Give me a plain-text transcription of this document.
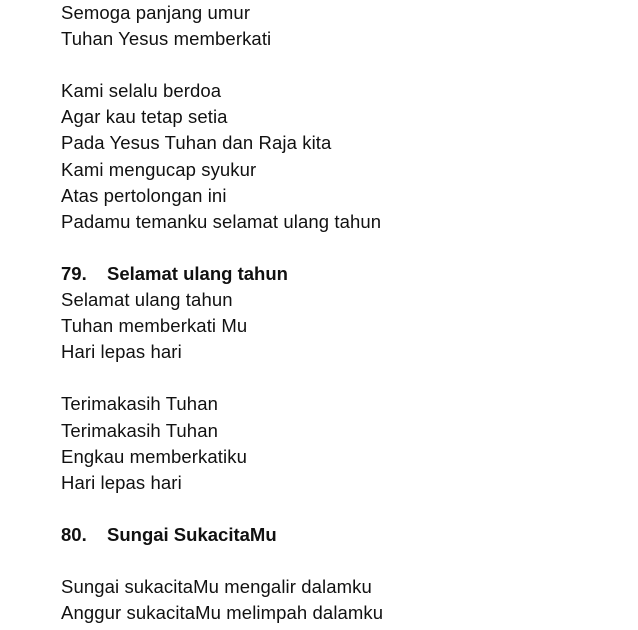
Semoga panjang umur
Tuhan Yesus memberkati
Kami selalu berdoa
Agar kau tetap setia
Pada Yesus Tuhan dan Raja kita
Kami mengucap syukur
Atas pertolongan ini
Padamu temanku selamat ulang tahun
79. Selamat ulang tahun
Selamat ulang tahun
Tuhan memberkati Mu
Hari lepas hari
Terimakasih Tuhan
Terimakasih Tuhan
Engkau memberkatiku
Hari lepas hari
80. Sungai SukacitaMu
Sungai sukacitaMu mengalir dalamku
Anggur sukacitaMu melimpah dalamku
